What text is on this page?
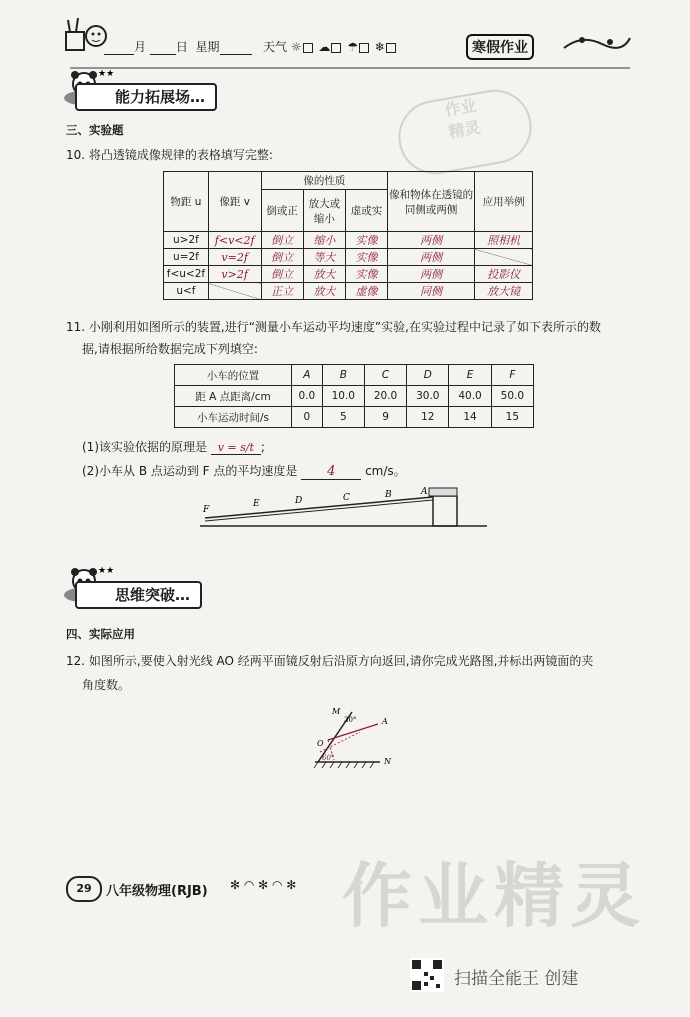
月 日 星期	天气 ☼ ☁ ☂ ❄	寒假作业
★★
能力拓展场…	作业
精灵
三、实验题
10. 将凸透镜成像规律的表格填写完整:
物距 u	像距 v	像的性质			像和物体在透镜的同侧或两侧	应用举例
		倒或正	放大或缩小	虚或实		

u>2f	f<v<2f	倒立	缩小	实像	两侧	照相机
u=2f	v=2f	倒立	等大	实像	两侧	
f<u<2f	v>2f	倒立	放大	实像	两侧	投影仪
u<f		正立	放大	虚像	同侧	放大镜
11. 小刚利用如图所示的装置,进行“测量小车运动平均速度”实验,在实验过程中记录了如下表所示的数
据,请根据所给数据完成下列填空:
小车的位置	A	B	C	D	E	F
距 A 点距离/cm	0.0	10.0	20.0	30.0	40.0	50.0
小车运动时间/s	0	5	9	12	14	15
(1)该实验依据的原理是 v = s/t ;
(2)小车从 B 点运动到 F 点的平均速度是 4 cm/s。
F
E	D	C	B	A
★★
思维突破…
四、实际应用
12. 如图所示,要使入射光线 AO 经两平面镜反射后沿原方向返回,请你完成光路图,并标出两镜面的夹
角度数。
M
A
O
N
30°
60°
作业精灵
29	八年级物理(RJB) ✻ ◠ ✻ ◠ ✻
扫描全能王 创建
